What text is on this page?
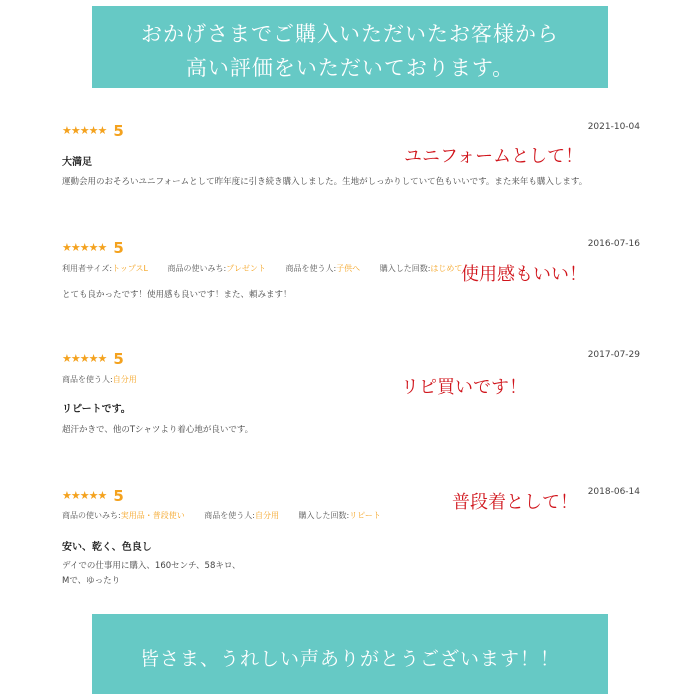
おかげさまでご購入いただいたお客様から
高い評価をいただいております。
★★★★★ 5	2021-10-04
大満足
運動会用のおそろいユニフォームとして昨年度に引き続き購入しました。生地がしっかりしていて色もいいです。また来年も購入します。
ユニフォームとして！
★★★★★ 5	2016-07-16
利用者サイズ:トップスL 商品の使いみち:プレゼント 商品を使う人:子供へ 購入した回数:はじめて
とても良かったです！使用感も良いです！また、頼みます！
使用感もいい！
★★★★★ 5	2017-07-29
商品を使う人:自分用
リピートです。
超汗かきで、他のTシャツより着心地が良いです。
リピ買いです！
★★★★★ 5	2018-06-14
商品の使いみち:実用品・普段使い 商品を使う人:自分用 購入した回数:リピート
安い、乾く、色良し
デイでの仕事用に購入、160センチ、58キロ、
Mで、ゆったり
普段着として！
皆さま、うれしい声ありがとうございます！！
